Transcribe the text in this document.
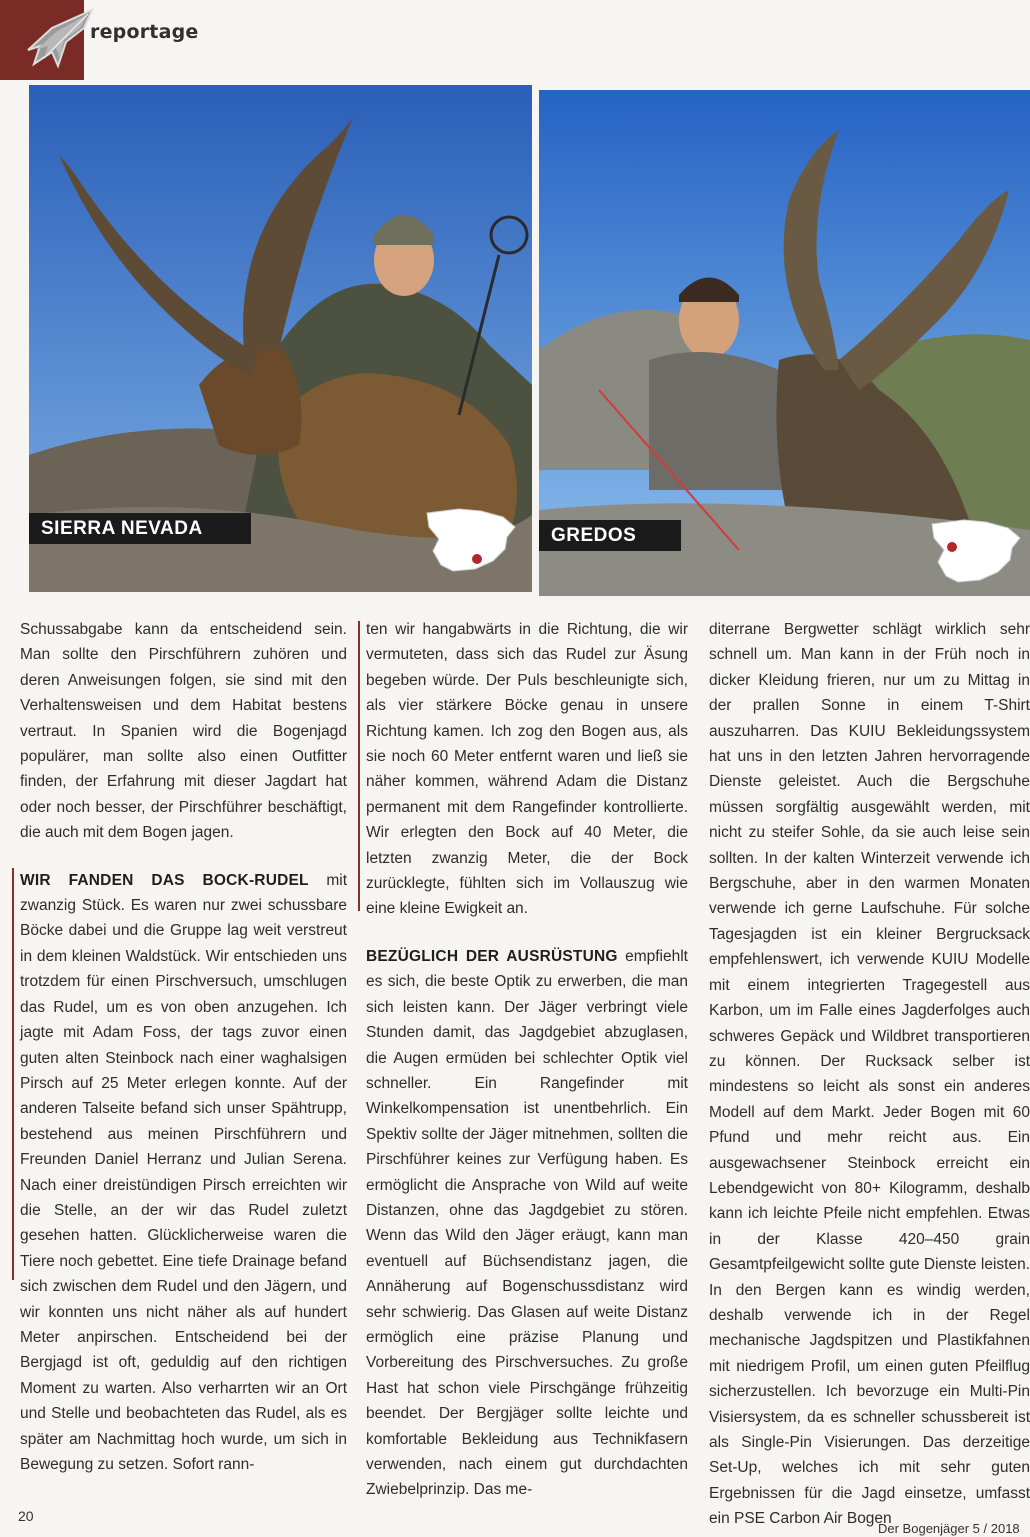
reportage
SIERRA NEVADA	GREDOS

Schussabgabe kann da entscheidend sein. Man sollte den Pirschführern zuhören und deren Anweisungen folgen, sie sind mit den Verhaltensweisen und dem Habitat bestens vertraut. In Spanien wird die Bogenjagd populärer, man sollte also einen Outfitter finden, der Erfahrung mit dieser Jagdart hat oder noch besser, der Pirschführer beschäftigt, die auch mit dem Bogen jagen.

WIR FANDEN DAS BOCK-RUDEL mit zwanzig Stück. Es waren nur zwei schussbare Böcke dabei und die Gruppe lag weit verstreut in dem kleinen Waldstück. Wir entschieden uns trotzdem für einen Pirschversuch, umschlugen das Rudel, um es von oben anzugehen. Ich jagte mit Adam Foss, der tags zuvor einen guten alten Steinbock nach einer waghalsigen Pirsch auf 25 Meter erlegen konnte. Auf der anderen Talseite befand sich unser Spähtrupp, bestehend aus meinen Pirschführern und Freunden Daniel Herranz und Julian Serena. Nach einer dreistündigen Pirsch erreichten wir die Stelle, an der wir das Rudel zuletzt gesehen hatten. Glücklicherweise waren die Tiere noch gebettet. Eine tiefe Drainage befand sich zwischen dem Rudel und den Jägern, und wir konnten uns nicht näher als auf hundert Meter anpirschen. Entscheidend bei der Bergjagd ist oft, geduldig auf den richtigen Moment zu warten. Also verharrten wir an Ort und Stelle und beobachteten das Rudel, als es später am Nachmittag hoch wurde, um sich in Bewegung zu setzen. Sofort rann-

ten wir hangabwärts in die Richtung, die wir vermuteten, dass sich das Rudel zur Äsung begeben würde. Der Puls beschleunigte sich, als vier stärkere Böcke genau in unsere Richtung kamen. Ich zog den Bogen aus, als sie noch 60 Meter entfernt waren und ließ sie näher kommen, während Adam die Distanz permanent mit dem Rangefinder kontrollierte. Wir erlegten den Bock auf 40 Meter, die letzten zwanzig Meter, die der Bock zurücklegte, fühlten sich im Vollauszug wie eine kleine Ewigkeit an.

BEZÜGLICH DER AUSRÜSTUNG empfiehlt es sich, die beste Optik zu erwerben, die man sich leisten kann. Der Jäger verbringt viele Stunden damit, das Jagdgebiet abzuglasen, die Augen ermüden bei schlechter Optik viel schneller. Ein Rangefinder mit Winkelkompensation ist unentbehrlich. Ein Spektiv sollte der Jäger mitnehmen, sollten die Pirschführer keines zur Verfügung haben. Es ermöglicht die Ansprache von Wild auf weite Distanzen, ohne das Jagdgebiet zu stören. Wenn das Wild den Jäger eräugt, kann man eventuell auf Büchsendistanz jagen, die Annäherung auf Bogenschussdistanz wird sehr schwierig. Das Glasen auf weite Distanz ermöglich eine präzise Planung und Vorbereitung des Pirschversuches. Zu große Hast hat schon viele Pirschgänge frühzeitig beendet. Der Bergjäger sollte leichte und komfortable Bekleidung aus Technikfasern verwenden, nach einem gut durchdachten Zwiebelprinzip. Das me-

diterrane Bergwetter schlägt wirklich sehr schnell um. Man kann in der Früh noch in dicker Kleidung frieren, nur um zu Mittag in der prallen Sonne in einem T-Shirt auszuharren. Das KUIU Bekleidungssystem hat uns in den letzten Jahren hervorragende Dienste geleistet. Auch die Bergschuhe müssen sorgfältig ausgewählt werden, mit nicht zu steifer Sohle, da sie auch leise sein sollten. In der kalten Winterzeit verwende ich Bergschuhe, aber in den warmen Monaten verwende ich gerne Laufschuhe. Für solche Tagesjagden ist ein kleiner Bergrucksack empfehlenswert, ich verwende KUIU Modelle mit einem integrierten Tragegestell aus Karbon, um im Falle eines Jagderfolges auch schweres Gepäck und Wildbret transportieren zu können. Der Rucksack selber ist mindestens so leicht als sonst ein anderes Modell auf dem Markt. Jeder Bogen mit 60 Pfund und mehr reicht aus. Ein ausgewachsener Steinbock erreicht ein Lebendgewicht von 80+ Kilogramm, deshalb kann ich leichte Pfeile nicht empfehlen. Etwas in der Klasse 420–450 grain Gesamtpfeilgewicht sollte gute Dienste leisten. In den Bergen kann es windig werden, deshalb verwende ich in der Regel mechanische Jagdspitzen und Plastikfahnen mit niedrigem Profil, um einen guten Pfeilflug sicherzustellen. Ich bevorzuge ein Multi-Pin Visiersystem, da es schneller schussbereit ist als Single-Pin Visierungen. Das derzeitige Set-Up, welches ich mit sehr guten Ergebnissen für die Jagd einsetze, umfasst ein PSE Carbon Air Bogen

20
Der Bogenjäger 5 / 2018
